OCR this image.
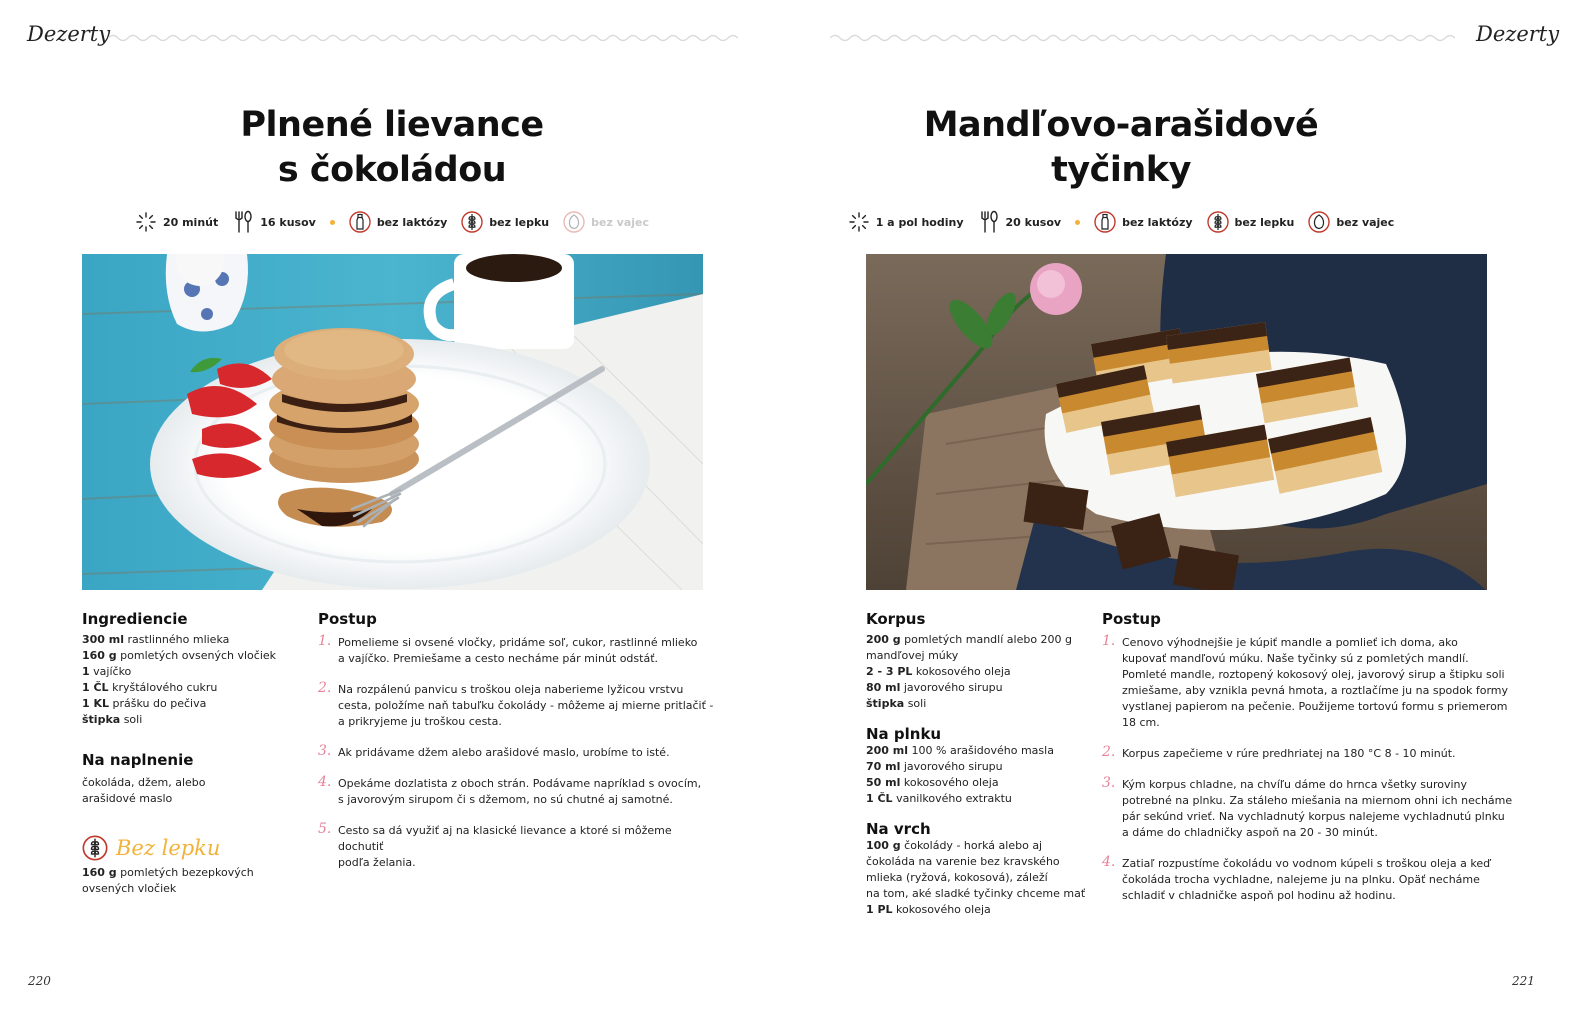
Dezerty
Plnené lievance
s čokoládou
20 minút	16 kusov	bez laktózy	bez lepku	bez vajec
Ingrediencie
300 ml rastlinného mlieka
160 g pomletých ovsených vločiek
1 vajíčko
1 ČL kryštálového cukru
1 KL prášku do pečiva
štipka soli
Na naplnenie
čokoláda, džem, alebo
arašidové maslo
Bez lepku
160 g pomletých bezepkových
ovsených vločiek
Postup
1. Pomelieme si ovsené vločky, pridáme soľ, cukor, rastlinné mlieko
a vajíčko. Premiešame a cesto necháme pár minút odstáť.
2. Na rozpálenú panvicu s troškou oleja naberieme lyžicou vrstvu
cesta, položíme naň tabuľku čokolády - môžeme aj mierne pritlačiť -
a prikryjeme ju troškou cesta.
3. Ak pridávame džem alebo arašidové maslo, urobíme to isté.
4. Opekáme dozlatista z oboch strán. Podávame napríklad s ovocím,
s javorovým sirupom či s džemom, no sú chutné aj samotné.
5. Cesto sa dá využiť aj na klasické lievance a ktoré si môžeme dochutiť
podľa želania.
220
Dezerty
Mandľovo-arašidové
tyčinky
1 a pol hodiny	20 kusov	bez laktózy	bez lepku	bez vajec
Korpus
200 g pomletých mandlí alebo 200 g
mandľovej múky
2 - 3 PL kokosového oleja
80 ml javorového sirupu
štipka soli
Na plnku
200 ml 100 % arašidového masla
70 ml javorového sirupu
50 ml kokosového oleja
1 ČL vanilkového extraktu
Na vrch
100 g čokolády - horká alebo aj
čokoláda na varenie bez kravského
mlieka (ryžová, kokosová), záleží
na tom, aké sladké tyčinky chceme mať
1 PL kokosového oleja
Postup
1. Cenovo výhodnejšie je kúpiť mandle a pomlieť ich doma, ako
kupovať mandľovú múku. Naše tyčinky sú z pomletých mandlí.
Pomleté mandle, roztopený kokosový olej, javorový sirup a štipku soli
zmiešame, aby vznikla pevná hmota, a roztlačíme ju na spodok formy
vystlanej papierom na pečenie. Použijeme tortovú formu s priemerom
18 cm.
2. Korpus zapečieme v rúre predhriatej na 180 °C 8 - 10 minút.
3. Kým korpus chladne, na chvíľu dáme do hrnca všetky suroviny
potrebné na plnku. Za stáleho miešania na miernom ohni ich necháme
pár sekúnd vrieť. Na vychladnutý korpus nalejeme vychladnutú plnku
a dáme do chladničky aspoň na 20 - 30 minút.
4. Zatiaľ rozpustíme čokoládu vo vodnom kúpeli s troškou oleja a keď
čokoláda trocha vychladne, nalejeme ju na plnku. Opäť necháme
schladiť v chladničke aspoň pol hodinu až hodinu.
221
